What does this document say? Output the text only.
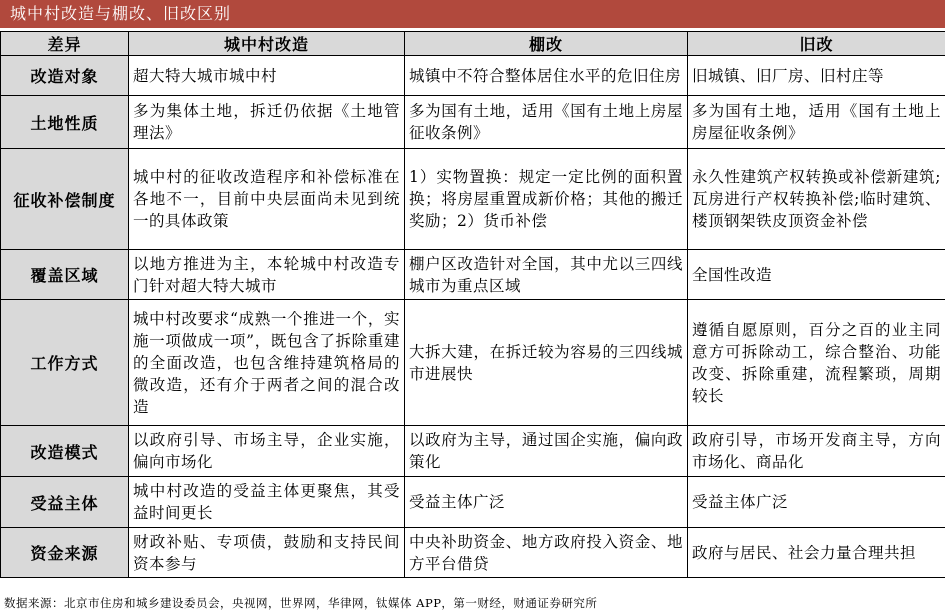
城中村改造与棚改、旧改区别
差异	城中村改造	棚改	旧改
改造对象	超大特大城市城中村	城镇中不符合整体居住水平的危旧住房	旧城镇、旧厂房、旧村庄等
土地性质	多为集体土地，拆迁仍依据《土地管理法》	多为国有土地，适用《国有土地上房屋征收条例》	多为国有土地，适用《国有土地上房屋征收条例》
征收补偿制度	城中村的征收改造程序和补偿标准在各地不一，目前中央层面尚未见到统一的具体政策	1）实物置换：规定一定比例的面积置换；将房屋重置成新价格；其他的搬迁奖励；2）货币补偿	永久性建筑产权转换或补偿新建筑;瓦房进行产权转换补偿;临时建筑、楼顶钢架铁皮顶资金补偿
覆盖区域	以地方推进为主，本轮城中村改造专门针对超大特大城市	棚户区改造针对全国，其中尤以三四线城市为重点区域	全国性改造
工作方式	城中村改要求“成熟一个推进一个，实施一项做成一项”，既包含了拆除重建的全面改造，也包含维持建筑格局的微改造，还有介于两者之间的混合改造	大拆大建，在拆迁较为容易的三四线城市进展快	遵循自愿原则，百分之百的业主同意方可拆除动工，综合整治、功能改变、拆除重建，流程繁琐，周期较长
改造模式	以政府引导、市场主导，企业实施，偏向市场化	以政府为主导，通过国企实施，偏向政策化	政府引导，市场开发商主导，方向市场化、商品化
受益主体	城中村改造的受益主体更聚焦，其受益时间更长	受益主体广泛	受益主体广泛
资金来源	财政补贴、专项债，鼓励和支持民间资本参与	中央补助资金、地方政府投入资金、地方平台借贷	政府与居民、社会力量合理共担
数据来源：北京市住房和城乡建设委员会，央视网，世界网，华律网，钛媒体 APP，第一财经，财通证券研究所
